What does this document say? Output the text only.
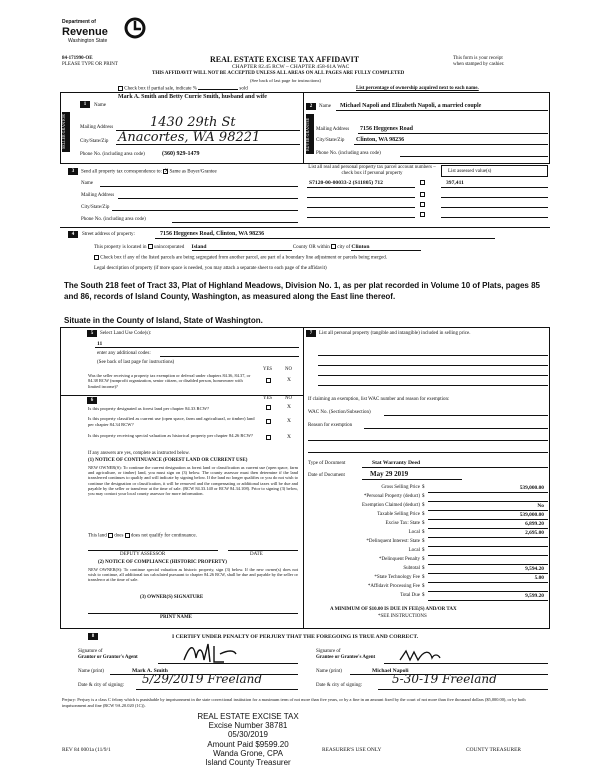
Department of
Revenue
Washington State
84-171990-OE
PLEASE TYPE OR PRINT
REAL ESTATE EXCISE TAX AFFIDAVIT
CHAPTER 82.45 RCW – CHAPTER 458-61A WAC
THIS AFFIDAVIT WILL NOT BE ACCEPTED UNLESS ALL AREAS ON ALL PAGES ARE FULLY COMPLETED
(See back of last page for instructions)
This form is your receipt
when stamped by cashier.
Check box if partial sale, indicate %	sold	List percentage of ownership acquired next to each name.
1
SELLER GRANTOR
Name
Mark A. Smith and Betty Currie Smith, husband and wife
Mailing Address	1430 29th St
City/State/Zip Anacortes, WA 98221
Phone No. (including area code)	(360) 929-1479
2
BUYER GRANTEE
Name Michael Napoli and Elizabeth Napoli, a married couple
Mailing Address 7156 Heggenes Road
City/State/Zip Clinton, WA 98236
Phone No. (including area code)
3	Send all property tax correspondence to: X Same as Buyer/Grantee
Name
Mailing Address
City/State/Zip
Phone No. (including area code)
List all real and personal property tax parcel account numbers – check box if personal property	List assessed value(s)
S7120-00-00033-2 (S11805) 712	397,411
4	Street address of property:	7156 Heggenes Road, Clinton, WA 98236
This property is located in unincorporated Island	County OR within city of Clinton
Check box if any of the listed parcels are being segregated from another parcel, are part of a boundary line adjustment or parcels being merged.
Legal description of property (if more space is needed, you may attach a separate sheet to each page of the affidavit)
The South 218 feet of Tract 33, Plat of Highland Meadows, Division No. 1, as per plat recorded in Volume 10 of Plats, pages 85 and 86, records of Island County, Washington, as measured along the East line thereof.
Situate in the County of Island, State of Washington.
5	Select Land Use Code(s):
11
enter any additional codes:
(See back of last page for instructions)
YES	NO
Was the seller receiving a property tax exemption or deferral under chapters 84.36, 84.37, or 84.38 RCW (nonprofit organization, senior citizen, or disabled person, homeowner with limited income)?
X
6	YES	NO
Is this property designated as forest land per chapter 84.33 RCW?	X
Is this property classified as current use (open space, farm and agricultural, or timber) land per chapter 84.34 RCW?	X
Is this property receiving special valuation as historical property per chapter 84.26 RCW?	X
If any answers are yes, complete as instructed below.
(1) NOTICE OF CONTINUANCE (FOREST LAND OR CURRENT USE)
NEW OWNER(S): To continue the current designation as forest land or classification as current use (open space, farm and agriculture, or timber) land, you must sign on (3) below. The county assessor must then determine if the land transferred continues to qualify and will indicate by signing below. If the land no longer qualifies or you do not wish to continue the designation or classification, it will be removed and the compensating or additional taxes will be due and payable by the seller or transferor at the time of sale. (RCW 84.33.140 or RCW 84.34.108). Prior to signing (3) below, you may contact your local county assessor for more information.
This land does does not qualify for continuance.
DEPUTY ASSESSOR	DATE
(2) NOTICE OF COMPLIANCE (HISTORIC PROPERTY)
NEW OWNER(S): To continue special valuation as historic property, sign (3) below. If the new owner(s) does not wish to continue, all additional tax calculated pursuant to chapter 84.26 RCW, shall be due and payable by the seller or transferor at the time of sale.
(3) OWNER(S) SIGNATURE
PRINT NAME
7	List all personal property (tangible and intangible) included in selling price.
If claiming an exemption, list WAC number and reason for exemption:
WAC No. (Section/Subsection)
Reason for exemption
Type of Document	Stat Warranty Deed
Date of Document	May 29 2019
Gross Selling Price $	539,000.00
*Personal Property (deduct) $
Exemption Claimed (deduct) $	No
Taxable Selling Price $	539,000.00
Excise Tax: State $	6,899.20
Local $	2,695.00
*Delinquent Interest: State $
Local $
*Delinquent Penalty $
Subtotal $	9,594.20
*State Technology Fee $	5.00
*Affidavit Processing Fee $
Total Due $	9,599.20
A MINIMUM OF $10.00 IS DUE IN FEE(S) AND/OR TAX
*SEE INSTRUCTIONS
8	I CERTIFY UNDER PENALTY OF PERJURY THAT THE FOREGOING IS TRUE AND CORRECT.
Signature of
Grantor or Grantor's Agent
Signature of
Grantee or Grantee's Agent
Name (print)	Mark A. Smith	Name (print)	Michael Napoli
Date & city of signing: 5/29/2019 Freeland	Date & city of signing: 5-30-19 Freeland
Perjury: Perjury is a class C felony which is punishable by imprisonment in the state correctional institution for a maximum term of not more than five years, or by a fine in an amount fixed by the court of not more than five thousand dollars ($5,000.00), or by both imprisonment and fine (RCW 9A.20.020 (1C)).
REAL ESTATE EXCISE TAX
Excise Number 38781
05/30/2019
Amount Paid $9599.20
Wanda Grone, CPA
Island County Treasurer
REV 84 0001a (11/9/1	REASURER'S USE ONLY	COUNTY TREASURER
